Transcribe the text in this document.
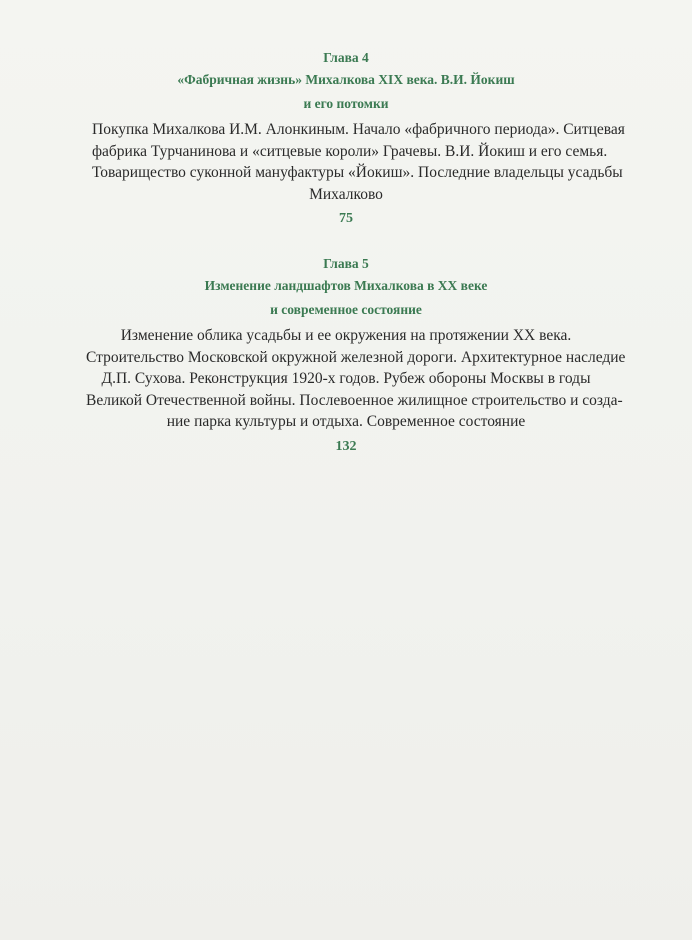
Глава 4
«Фабричная жизнь» Михалкова XIX века. В.И. Йокиш
и его потомки
Покупка Михалкова И.М. Алонкиным. Начало «фабричного периода». Ситцевая
фабрика Турчанинова и «ситцевые короли» Грачевы. В.И. Йокиш и его семья.
Товарищество суконной мануфактуры «Йокиш». Последние владельцы усадьбы
Михалково
75
Глава 5
Изменение ландшафтов Михалкова в XX веке
и современное состояние
Изменение облика усадьбы и ее окружения на протяжении XX века.
Строительство Московской окружной железной дороги. Архитектурное наследие
Д.П. Сухова. Реконструкция 1920-х годов. Рубеж обороны Москвы в годы
Великой Отечественной войны. Послевоенное жилищное строительство и созда-
ние парка культуры и отдыха. Современное состояние
132
